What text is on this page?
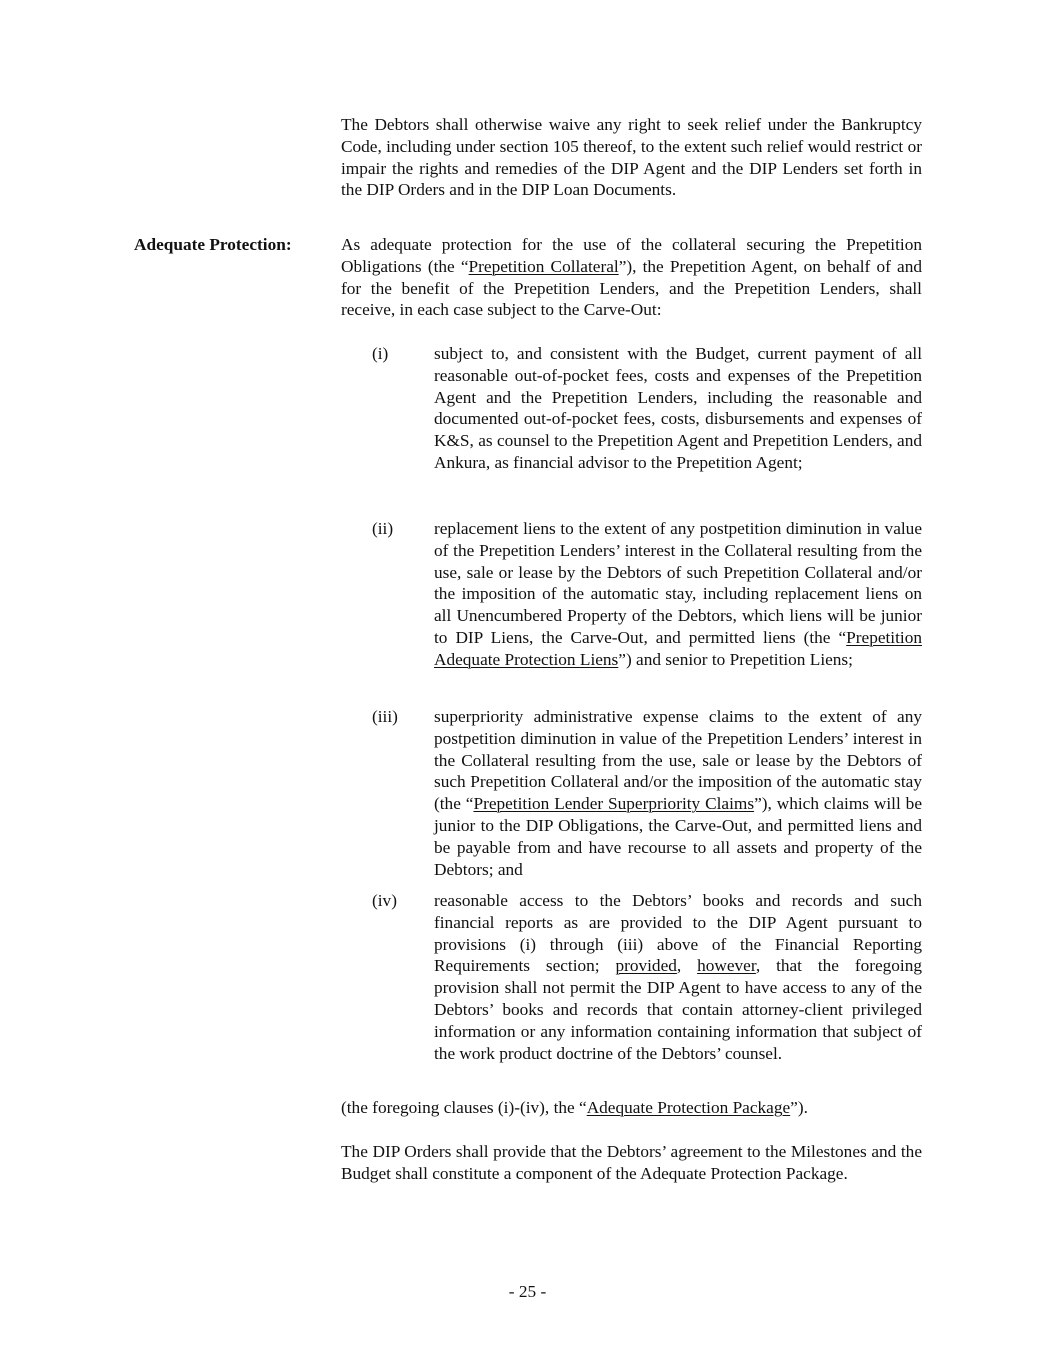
The Debtors shall otherwise waive any right to seek relief under the Bankruptcy Code, including under section 105 thereof, to the extent such relief would restrict or impair the rights and remedies of the DIP Agent and the DIP Lenders set forth in the DIP Orders and in the DIP Loan Documents.

Adequate Protection:	As adequate protection for the use of the collateral securing the Prepetition Obligations (the “Prepetition Collateral”), the Prepetition Agent, on behalf of and for the benefit of the Prepetition Lenders, and the Prepetition Lenders, shall receive, in each case subject to the Carve-Out:

(i)	subject to, and consistent with the Budget, current payment of all reasonable out-of-pocket fees, costs and expenses of the Prepetition Agent and the Prepetition Lenders, including the reasonable and documented out-of-pocket fees, costs, disbursements and expenses of K&S, as counsel to the Prepetition Agent and Prepetition Lenders, and Ankura, as financial advisor to the Prepetition Agent;
(ii) replacement liens to the extent of any postpetition diminution in value of the Prepetition Lenders’ interest in the Collateral resulting from the use, sale or lease by the Debtors of such Prepetition Collateral and/or the imposition of the automatic stay, including replacement liens on all Unencumbered Property of the Debtors, which liens will be junior to DIP Liens, the Carve-Out, and permitted liens (the “Prepetition Adequate Protection Liens”) and senior to Prepetition Liens;
(iii) superpriority administrative expense claims to the extent of any postpetition diminution in value of the Prepetition Lenders’ interest in the Collateral resulting from the use, sale or lease by the Debtors of such Prepetition Collateral and/or the imposition of the automatic stay (the “Prepetition Lender Superpriority Claims”), which claims will be junior to the DIP Obligations, the Carve-Out, and permitted liens and be payable from and have recourse to all assets and property of the Debtors; and
(iv) reasonable access to the Debtors’ books and records and such financial reports as are provided to the DIP Agent pursuant to provisions (i) through (iii) above of the Financial Reporting Requirements section; provided, however, that the foregoing provision shall not permit the DIP Agent to have access to any of the Debtors’ books and records that contain attorney-client privileged information or any information containing information that subject of the work product doctrine of the Debtors’ counsel.

(the foregoing clauses (i)-(iv), the “Adequate Protection Package”).

The DIP Orders shall provide that the Debtors’ agreement to the Milestones and the Budget shall constitute a component of the Adequate Protection Package.

- 25 -
